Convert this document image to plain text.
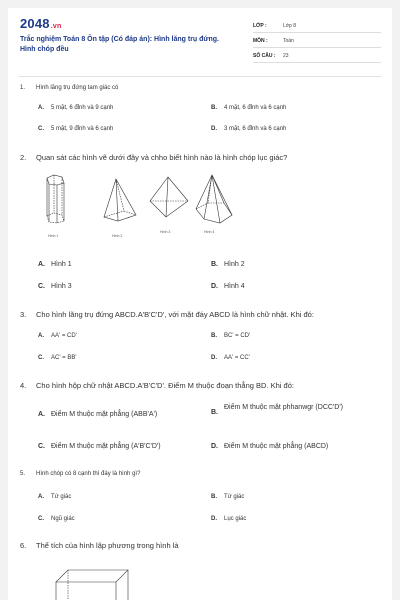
2048.vn
Trắc nghiệm Toán 8 Ôn tập (Có đáp án): Hình lăng trụ đứng. Hình chóp đều
LỚP :	Lớp 8
MÔN :	Toán
SỐ CÂU :	23
1. Hình lăng trụ đứng tam giác có
A. 5 mặt, 6 đỉnh và 9 cạnh	B. 4 mặt, 6 đỉnh và 6 cạnh
C. 5 mặt, 9 đỉnh và 6 cạnh	D. 3 mặt, 6 đỉnh và 6 cạnh
2. Quan sát các hình vẽ dưới đây và chho biết hình nào là hình chóp lục giác?
Hình 1	Hình 2
Hình 3	Hình 4
A. Hình 1	B. Hình 2
C. Hình 3	D. Hình 4
3. Cho hình lăng trụ đứng ABCD.A'B'C'D', với mặt đáy ABCD là hình chữ nhật. Khi đó:
A. AA' = CD'	B. BC' = CD'
C. AC' = BB'	D. AA' = CC'
4. Cho hình hộp chữ nhật ABCD.A'B'C'D'. Điểm M thuộc đoạn thẳng BD. Khi đó:
A. Điểm M thuộc mặt phẳng (ABB'A')	B.
Điểm M thuộc mặt phhanwgr (DCC'D')
C. Điểm M thuộc mặt phẳng (A'B'C'D')	D. Điểm M thuộc mặt phẳng (ABCD)
5. Hình chóp có 8 cạnh thì đáy là hình gì?
A. Tứ giác	B. Tứ giác
C. Ngũ giác	D. Lục giác
6. Thể tích của hình lập phương trong hình là
